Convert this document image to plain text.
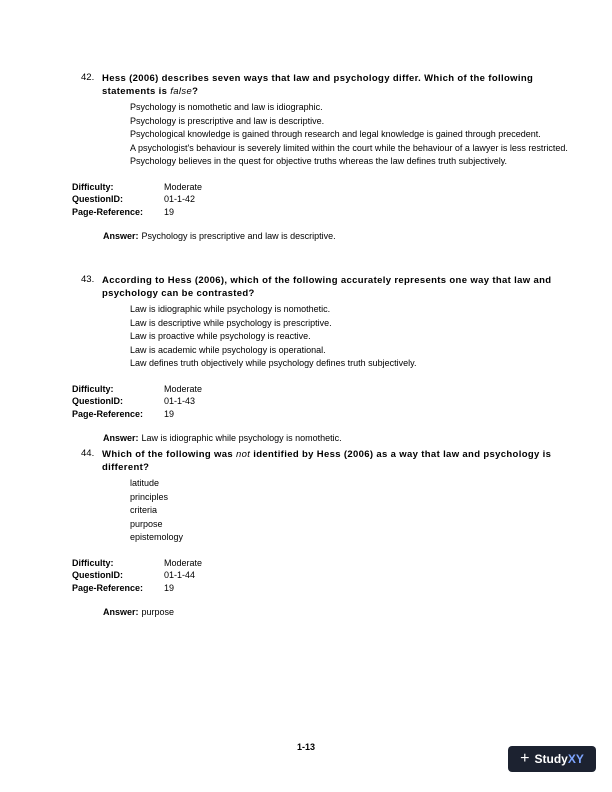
42. Hess (2006) describes seven ways that law and psychology differ. Which of the following statements is false?
Psychology is nomothetic and law is idiographic.
Psychology is prescriptive and law is descriptive.
Psychological knowledge is gained through research and legal knowledge is gained through precedent.
A psychologist's behaviour is severely limited within the court while the behaviour of a lawyer is less restricted.
Psychology believes in the quest for objective truths whereas the law defines truth subjectively.
Difficulty:	Moderate
QuestionID:	01-1-42
Page-Reference:	19
Answer: Psychology is prescriptive and law is descriptive.
43. According to Hess (2006), which of the following accurately represents one way that law and psychology can be contrasted?
Law is idiographic while psychology is nomothetic.
Law is descriptive while psychology is prescriptive.
Law is proactive while psychology is reactive.
Law is academic while psychology is operational.
Law defines truth objectively while psychology defines truth subjectively.
Difficulty:	Moderate
QuestionID:	01-1-43
Page-Reference:	19
Answer: Law is idiographic while psychology is nomothetic.
44. Which of the following was not identified by Hess (2006) as a way that law and psychology is different?
latitude
principles
criteria
purpose
epistemology
Difficulty:	Moderate
QuestionID:	01-1-44
Page-Reference:	19
Answer: purpose
1-13
+ StudyXY
